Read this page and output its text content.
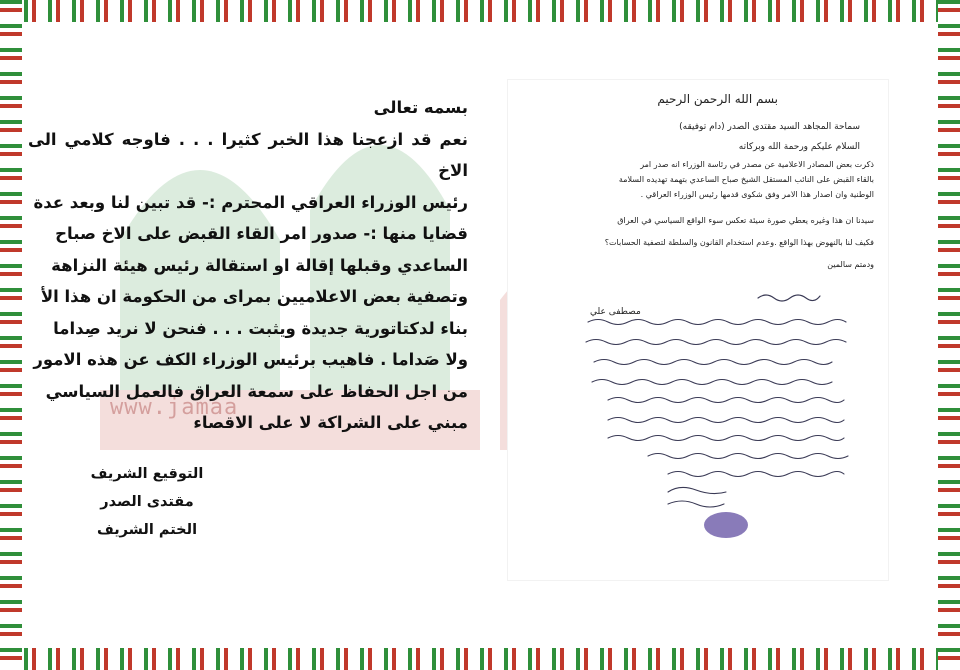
www.jamaa

بسمه تعالى

نعم قد ازعجنا هذا الخبر كثيرا . . . فاوجه كلامي الى الاخ

رئيس الوزراء العراقي المحترم :- قد تبين لنا وبعد عدة

قضايا منها :- صدور امر القاء القبض على الاخ صباح

الساعدي وقبلها إقالة او استقالة رئيس هيئة النزاهة

وتصفية بعض الاعلاميين بمراى من الحكومة ان هذا الأ

بناء لدكتاتورية جديدة ويثبت . . . فنحن لا نريد صِداما

ولا صَداما . فاهيب برئيس الوزراء الكف عن هذه الامور

من اجل الحفاظ على سمعة العراق فالعمل السياسي

مبني على الشراكة لا على الاقصاء

التوقيع الشريف

مقتدى الصدر

الختم الشريف

بسم الله الرحمن الرحيم
سماحة المجاهد السيد مقتدى الصدر (دام توفيقه)
السلام عليكم ورحمة الله وبركاته
ذكرت بعض المصادر الاعلامية عن مصدر في رئاسة الوزراء انه صدر امر
بالقاء القبض على النائب المستقل الشيخ صباح الساعدي بتهمة تهديده السلامة
الوطنية وان اصدار هذا الامر وفق شكوى قدمها رئيس الوزراء العراقي .
سيدنا ان هذا وغيره يعطي صورة سيئة تعكس سوء الواقع السياسي في العراق
فكيف لنا بالنهوض بهذا الواقع .وعدم استخدام القانون والسلطة لتصفية الحسابات؟
ودمتم سالمين
مصطفى علي
